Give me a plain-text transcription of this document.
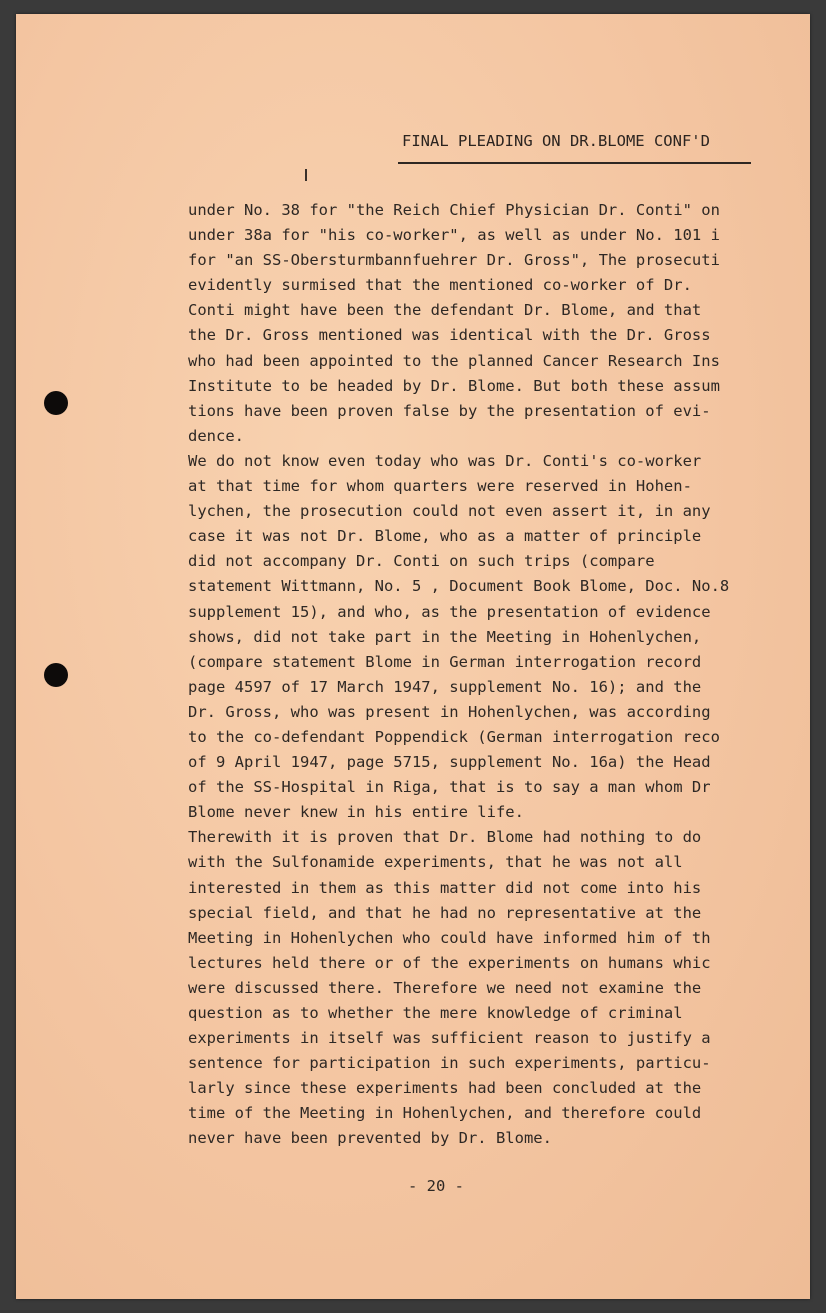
FINAL PLEADING ON DR.BLOME CONF'D
under No. 38 for "the Reich Chief Physician Dr. Conti" on
under 38a for "his co-worker", as well as under No. 101 i
for "an SS-Obersturmbannfuehrer Dr. Gross", The prosecuti
evidently surmised that the mentioned co-worker of Dr.
Conti might have been the defendant Dr. Blome, and that
the Dr. Gross mentioned was identical with the Dr. Gross
who had been appointed to the planned Cancer Research Ins
Institute to be headed by Dr. Blome. But both these assum
tions have been proven false by the presentation of evi-
dence.
We do not know even today who was Dr. Conti's co-worker
at that time for whom quarters were reserved in Hohen-
lychen, the prosecution could not even assert it, in any
case it was not Dr. Blome, who as a matter of principle
did not accompany Dr. Conti on such trips (compare
statement Wittmann, No. 5 , Document Book Blome, Doc. No.8
supplement 15), and who, as the presentation of evidence
shows, did not take part in the Meeting in Hohenlychen,
(compare statement Blome in German interrogation record
page 4597 of 17 March 1947, supplement No. 16); and the
Dr. Gross, who was present in Hohenlychen, was according
to the co-defendant Poppendick (German interrogation reco
of 9 April 1947, page 5715, supplement No. 16a) the Head
of the SS-Hospital in Riga, that is to say a man whom Dr
Blome never knew in his entire life.
Therewith it is proven that Dr. Blome had nothing to do
with the Sulfonamide experiments, that he was not all
interested in them as this matter did not come into his
special field, and that he had no representative at the
Meeting in Hohenlychen who could have informed him of th
lectures held there or of the experiments on humans whic
were discussed there. Therefore we need not examine the
question as to whether the mere knowledge of criminal
experiments in itself was sufficient reason to justify a
sentence for participation in such experiments, particu-
larly since these experiments had been concluded at the
time of the Meeting in Hohenlychen, and therefore could
never have been prevented by Dr. Blome.
- 20 -
